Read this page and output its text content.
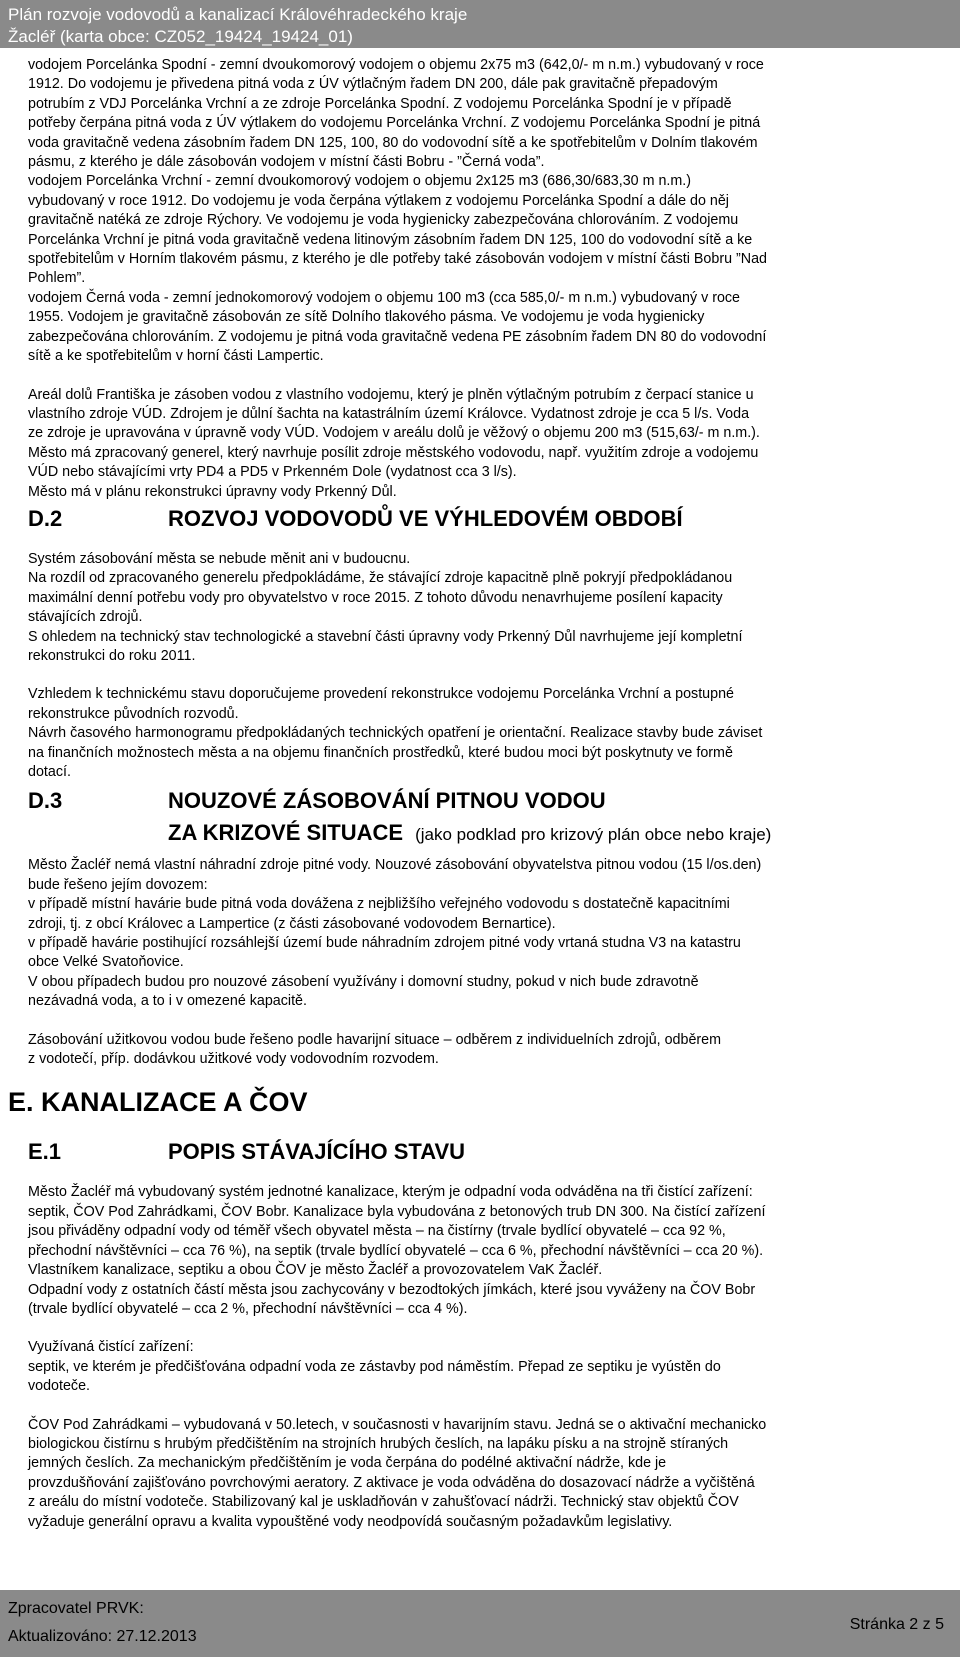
Plán rozvoje vodovodů a kanalizací Královéhradeckého kraje
Žacléř (karta obce: CZ052_19424_19424_01)

vodojem Porcelánka Spodní - zemní dvoukomorový vodojem o objemu 2x75 m3 (642,0/- m n.m.) vybudovaný v roce

1912. Do vodojemu je přivedena pitná voda z ÚV výtlačným řadem DN 200, dále pak gravitačně přepadovým

potrubím z VDJ Porcelánka Vrchní a ze zdroje Porcelánka Spodní. Z vodojemu Porcelánka Spodní je v případě

potřeby čerpána pitná voda z ÚV výtlakem do vodojemu Porcelánka Vrchní. Z vodojemu Porcelánka Spodní je pitná

voda gravitačně vedena zásobním řadem DN 125, 100, 80 do vodovodní sítě a ke spotřebitelům v Dolním tlakovém

pásmu, z kterého je dále zásobován vodojem v místní části Bobru - ”Černá voda”.

vodojem Porcelánka Vrchní - zemní dvoukomorový vodojem o objemu 2x125 m3 (686,30/683,30 m n.m.)

vybudovaný v roce 1912. Do vodojemu je voda čerpána výtlakem z vodojemu Porcelánka Spodní a dále do něj

gravitačně natéká ze zdroje Rýchory. Ve vodojemu je voda hygienicky zabezpečována chlorováním. Z vodojemu

Porcelánka Vrchní je pitná voda gravitačně vedena litinovým zásobním řadem DN 125, 100 do vodovodní sítě a ke

spotřebitelům v Horním tlakovém pásmu, z kterého je dle potřeby také zásobován vodojem v místní části Bobru ”Nad

Pohlem”.

vodojem Černá voda - zemní jednokomorový vodojem o objemu 100 m3 (cca 585,0/- m n.m.) vybudovaný v roce

1955. Vodojem je gravitačně zásobován ze sítě Dolního tlakového pásma. Ve vodojemu je voda hygienicky

zabezpečována chlorováním. Z vodojemu je pitná voda gravitačně vedena PE zásobním řadem DN 80 do vodovodní

sítě a ke spotřebitelům v horní části Lampertic.

Areál dolů Františka je zásoben vodou z vlastního vodojemu, který je plněn výtlačným potrubím z čerpací stanice u

vlastního zdroje VÚD. Zdrojem je důlní šachta na katastrálním území Královce. Vydatnost zdroje je cca 5 l/s. Voda

ze zdroje je upravována v úpravně vody VÚD. Vodojem v areálu dolů je věžový o objemu 200 m3 (515,63/- m n.m.).

Město má zpracovaný generel, který navrhuje posílit zdroje městského vodovodu, např. využitím zdroje a vodojemu

VÚD nebo stávajícími vrty PD4 a PD5 v Prkenném Dole (vydatnost cca 3 l/s).

Město má v plánu rekonstrukci úpravny vody Prkenný Důl.

D.2	ROZVOJ VODOVODŮ VE VÝHLEDOVÉM OBDOBÍ

Systém zásobování města se nebude měnit ani v budoucnu.

Na rozdíl od zpracovaného generelu předpokládáme, že stávající zdroje kapacitně plně pokryjí předpokládanou

maximální denní potřebu vody pro obyvatelstvo v roce 2015. Z tohoto důvodu nenavrhujeme posílení kapacity

stávajících zdrojů.

S ohledem na technický stav technologické a stavební části úpravny vody Prkenný Důl navrhujeme její kompletní

rekonstrukci do roku 2011.

Vzhledem k technickému stavu doporučujeme provedení rekonstrukce vodojemu Porcelánka Vrchní a postupné

rekonstrukce původních rozvodů.

Návrh časového harmonogramu předpokládaných technických opatření je orientační. Realizace stavby bude záviset

na finančních možnostech města a na objemu finančních prostředků, které budou moci být poskytnuty ve formě

dotací.

D.3	NOUZOVÉ ZÁSOBOVÁNÍ PITNOU VODOU
ZA KRIZOVÉ SITUACE (jako podklad pro krizový plán obce nebo kraje)

Město Žacléř nemá vlastní náhradní zdroje pitné vody. Nouzové zásobování obyvatelstva pitnou vodou (15 l/os.den)

bude řešeno jejím dovozem:

v případě místní havárie bude pitná voda dovážena z nejbližšího veřejného vodovodu s dostatečně kapacitními

zdroji, tj. z obcí Královec a Lampertice (z části zásobované vodovodem Bernartice).

v případě havárie postihující rozsáhlejší území bude náhradním zdrojem pitné vody vrtaná studna V3 na katastru

obce Velké Svatoňovice.

V obou případech budou pro nouzové zásobení využívány i domovní studny, pokud v nich bude zdravotně

nezávadná voda, a to i v omezené kapacitě.

Zásobování užitkovou vodou bude řešeno podle havarijní situace – odběrem z individuelních zdrojů, odběrem

z vodotečí, příp. dodávkou užitkové vody vodovodním rozvodem.

E. KANALIZACE A ČOV
E.1	POPIS STÁVAJÍCÍHO STAVU

Město Žacléř má vybudovaný systém jednotné kanalizace, kterým je odpadní voda odváděna na tři čistící zařízení:

septik, ČOV Pod Zahrádkami, ČOV Bobr. Kanalizace byla vybudována z betonových trub DN 300. Na čistící zařízení

jsou přiváděny odpadní vody od téměř všech obyvatel města – na čistírny (trvale bydlící obyvatelé – cca 92 %,

přechodní návštěvníci – cca 76 %), na septik (trvale bydlící obyvatelé – cca 6 %, přechodní návštěvníci – cca 20 %).

Vlastníkem kanalizace, septiku a obou ČOV je město Žacléř a provozovatelem VaK Žacléř.

Odpadní vody z ostatních částí města jsou zachycovány v bezodtokých jímkách, které jsou vyváženy na ČOV Bobr

(trvale bydlící obyvatelé – cca 2 %, přechodní návštěvníci – cca 4 %).

Využívaná čistící zařízení:

septik, ve kterém je předčišťována odpadní voda ze zástavby pod náměstím. Přepad ze septiku je vyústěn do

vodoteče.

ČOV Pod Zahrádkami – vybudovaná v 50.letech, v současnosti v havarijním stavu. Jedná se o aktivační mechanicko

biologickou čistírnu s hrubým předčištěním na strojních hrubých česlích, na lapáku písku a na strojně stíraných

jemných česlích. Za mechanickým předčištěním je voda čerpána do podélné aktivační nádrže, kde je

provzdušňování zajišťováno povrchovými aeratory. Z aktivace je voda odváděna do dosazovací nádrže a vyčištěná

z areálu do místní vodoteče. Stabilizovaný kal je uskladňován v zahušťovací nádrži. Technický stav objektů ČOV

vyžaduje generální opravu a kvalita vypouštěné vody neodpovídá současným požadavkům legislativy.

Zpracovatel PRVK:
Aktualizováno: 27.12.2013
Stránka 2 z 5
